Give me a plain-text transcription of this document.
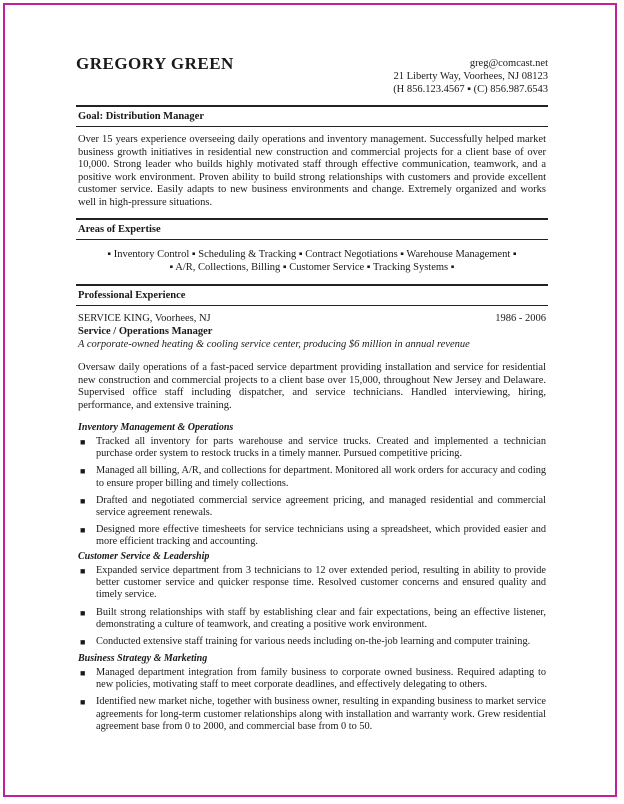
GREGORY GREEN	greg@comcast.net
21 Liberty Way, Voorhees, NJ 08123
(H 856.123.4567 ▪ (C) 856.987.6543
Goal: Distribution Manager
Over 15 years experience overseeing daily operations and inventory management. Successfully helped market business growth initiatives in residential new construction and commercial projects for a client base of over 10,000. Strong leader who builds highly motivated staff through effective communication, teamwork, and a positive work environment. Proven ability to build strong relationships with customers and provide excellent customer service. Easily adapts to new business environments and change. Extremely organized and works well in high-pressure situations.
Areas of Expertise
▪ Inventory Control ▪ Scheduling & Tracking ▪ Contract Negotiations ▪ Warehouse Management ▪
▪ A/R, Collections, Billing ▪ Customer Service ▪ Tracking Systems ▪
Professional Experience
SERVICE KING, Voorhees, NJ	1986 - 2006
Service / Operations Manager
A corporate-owned heating & cooling service center, producing $6 million in annual revenue
Oversaw daily operations of a fast-paced service department providing installation and service for residential new construction and commercial projects to a client base over 15,000, throughout New Jersey and Delaware. Supervised office staff including dispatcher, and service technicians. Handled interviewing, hiring, performance, and extensive training.
Inventory Management & Operations
■ Tracked all inventory for parts warehouse and service trucks. Created and implemented a technician purchase order system to restock trucks in a timely manner. Pursued competitive pricing.
■ Managed all billing, A/R, and collections for department. Monitored all work orders for accuracy and coding to ensure proper billing and timely collections.
■ Drafted and negotiated commercial service agreement pricing, and managed residential and commercial service agreement renewals.
■ Designed more effective timesheets for service technicians using a spreadsheet, which provided easier and more efficient tracking and accounting.
Customer Service & Leadership
■ Expanded service department from 3 technicians to 12 over extended period, resulting in ability to provide better customer service and quicker response time. Resolved customer concerns and ensured quality and timely service.
■ Built strong relationships with staff by establishing clear and fair expectations, being an effective listener, demonstrating a culture of teamwork, and creating a positive work environment.
■ Conducted extensive staff training for various needs including on-the-job learning and computer training.
Business Strategy & Marketing
■ Managed department integration from family business to corporate owned business. Required adapting to new policies, motivating staff to meet corporate deadlines, and effectively delegating to others.
■ Identified new market niche, together with business owner, resulting in expanding business to market service agreements for long-term customer relationships along with installation and warranty work. Grew residential agreement base from 0 to 2000, and commercial base from 0 to 50.
